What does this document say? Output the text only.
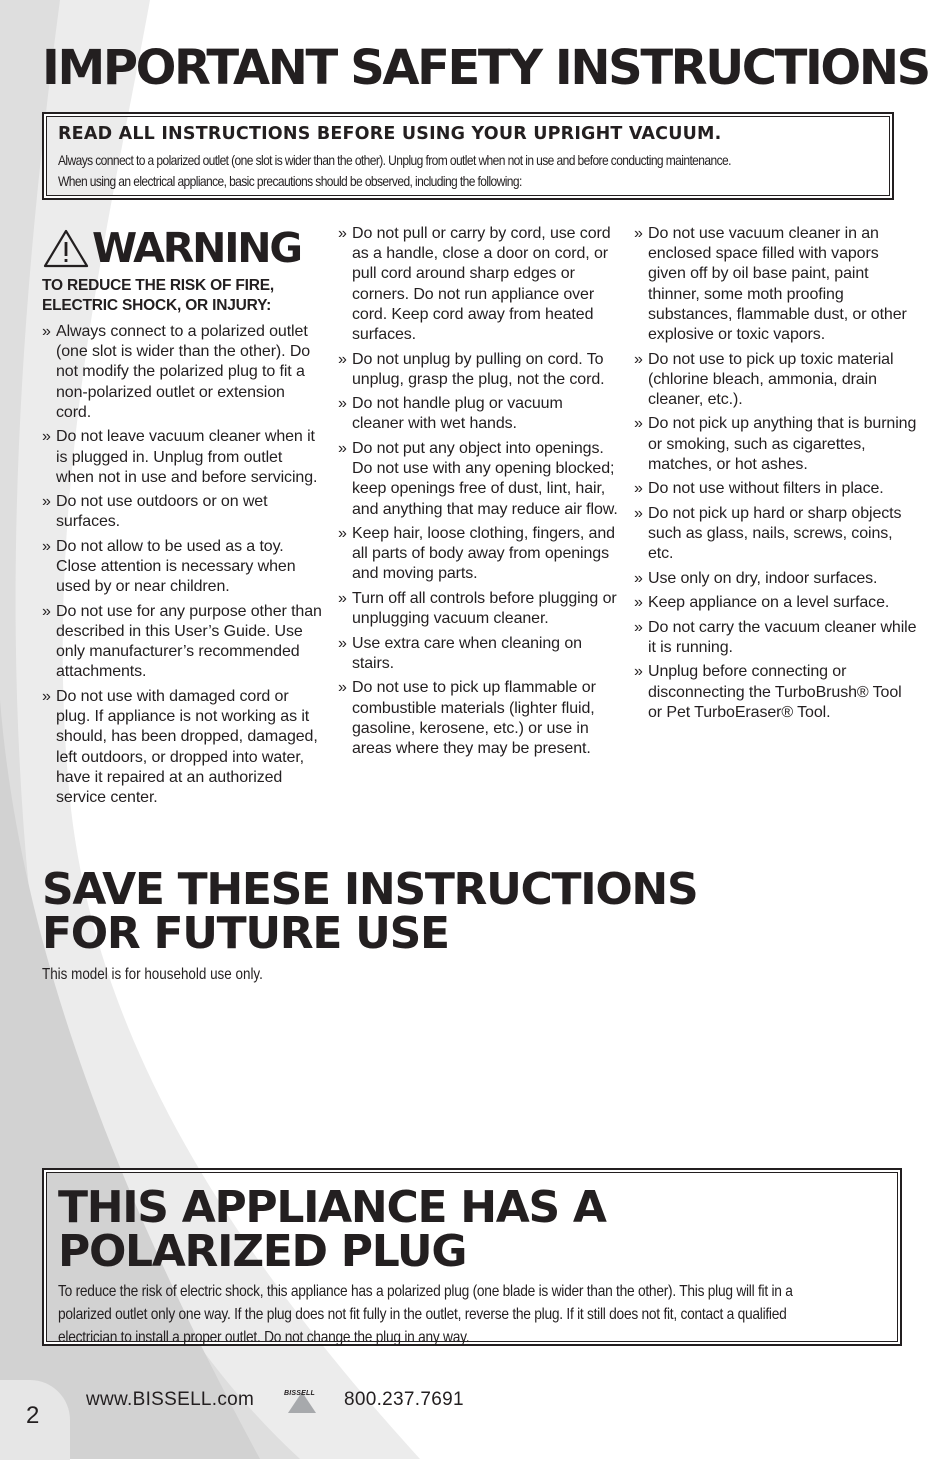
IMPORTANT SAFETY INSTRUCTIONS

READ ALL INSTRUCTIONS BEFORE USING YOUR UPRIGHT VACUUM.

Always connect to a polarized outlet (one slot is wider than the other). Unplug from outlet when not in use and before conducting maintenance.
When using an electrical appliance, basic precautions should be observed, including the following:
WARNING
TO REDUCE THE RISK OF FIRE,
ELECTRIC SHOCK, OR INJURY:
» Always connect to a polarized outlet (one slot is wider than the other). Do not modify the polarized plug to fit a non-polarized outlet or extension cord.
» Do not leave vacuum cleaner when it is plugged in. Unplug from outlet when not in use and before servicing.
» Do not use outdoors or on wet surfaces.
» Do not allow to be used as a toy. Close attention is necessary when used by or near children.
» Do not use for any purpose other than described in this User’s Guide. Use only manufacturer’s recommended attachments.
» Do not use with damaged cord or plug. If appliance is not working as it should, has been dropped, damaged, left outdoors, or dropped into water, have it repaired at an authorized service center.
» Do not pull or carry by cord, use cord as a handle, close a door on cord, or pull cord around sharp edges or corners. Do not run appliance over cord. Keep cord away from heated surfaces.
» Do not unplug by pulling on cord. To unplug, grasp the plug, not the cord.
» Do not handle plug or vacuum cleaner with wet hands.
» Do not put any object into openings. Do not use with any opening blocked; keep openings free of dust, lint, hair, and anything that may reduce air flow.
» Keep hair, loose clothing, fingers, and all parts of body away from openings and moving parts.
» Turn off all controls before plugging or unplugging vacuum cleaner.
» Use extra care when cleaning on stairs.
» Do not use to pick up flammable or combustible materials (lighter fluid, gasoline, kerosene, etc.) or use in areas where they may be present.
» Do not use vacuum cleaner in an enclosed space filled with vapors given off by oil base paint, paint thinner, some moth proofing substances, flammable dust, or other explosive or toxic vapors.
» Do not use to pick up toxic material (chlorine bleach, ammonia, drain cleaner, etc.).
» Do not pick up anything that is burning or smoking, such as cigarettes, matches, or hot ashes.
» Do not use without filters in place.
» Do not pick up hard or sharp objects such as glass, nails, screws, coins, etc.
» Use only on dry, indoor surfaces.
» Keep appliance on a level surface.
» Do not carry the vacuum cleaner while it is running.
» Unplug before connecting or disconnecting the TurboBrush® Tool or Pet TurboEraser® Tool.
SAVE THESE INSTRUCTIONS
FOR FUTURE USE

This model is for household use only.

THIS APPLIANCE HAS A
POLARIZED PLUG
To reduce the risk of electric shock, this appliance has a polarized plug (one blade is wider than the other). This plug will fit in a
polarized outlet only one way. If the plug does not fit fully in the outlet, reverse the plug. If it still does not fit, contact a qualified
electrician to install a proper outlet. Do not change the plug in any way.
2
www.BISSELL.com	BISSELL 800.237.7691
